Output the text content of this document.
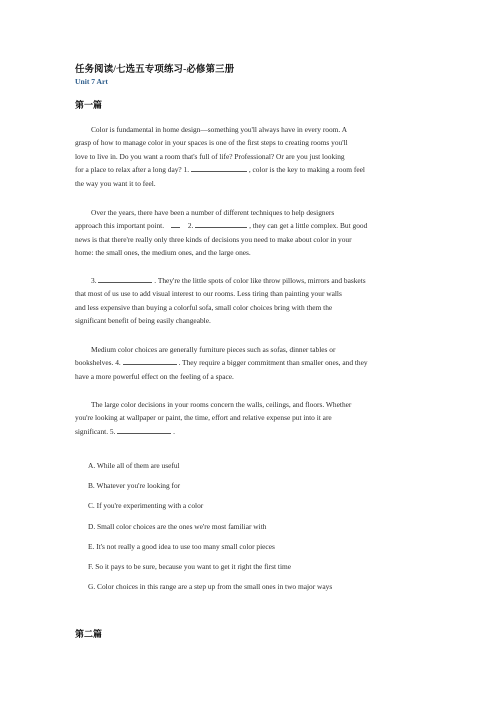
任务阅读/七选五专项练习-必修第三册
Unit 7 Art
第一篇
Color is fundamental in home design—something you'll always have in every room. A
grasp of how to manage color in your spaces is one of the first steps to creating rooms you'll
love to live in. Do you want a room that's full of life? Professional? Or are you just looking
for a place to relax after a long day? 1.	, color is the key to making a room feel
the way you want it to feel.
Over the years, there have been a number of different techniques to help designers
approach this important point.	2.	, they can get a little complex. But good
news is that there're really only three kinds of decisions you need to make about color in your
home: the small ones, the medium ones, and the large ones.
3.	. They're the little spots of color like throw pillows, mirrors and baskets
that most of us use to add visual interest to our rooms. Less tiring than painting your walls
and less expensive than buying a colorful sofa, small color choices bring with them the
significant benefit of being easily changeable.
Medium color choices are generally furniture pieces such as sofas, dinner tables or
bookshelves. 4.	. They require a bigger commitment than smaller ones, and they
have a more powerful effect on the feeling of a space.
The large color decisions in your rooms concern the walls, ceilings, and floors. Whether
you're looking at wallpaper or paint, the time, effort and relative expense put into it are
significant. 5.	.
A. While all of them are useful
B. Whatever you're looking for
C. If you're experimenting with a color
D. Small color choices are the ones we're most familiar with
E. It's not really a good idea to use too many small color pieces
F. So it pays to be sure, because you want to get it right the first time
G. Color choices in this range are a step up from the small ones in two major ways
第二篇
